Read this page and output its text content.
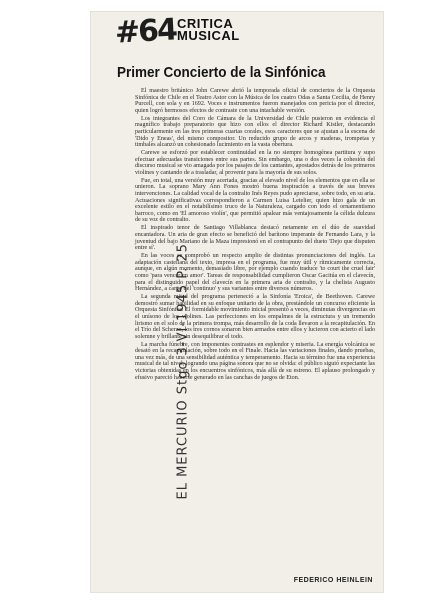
#64 CRITICA
MUSICAL
Primer Concierto de la Sinfónica
EL MERCURIO Stgo 3-VI-1945 P. 25

El maestro británico John Carewe abrió la temporada oficial de conciertos de la Orquesta Sinfónica de Chile en el Teatro Astor con la Música de los cuatro Odas a Santa Cecilia, de Henry Purcell, con sola y en 1692. Voces e instrumentos fueron manejados con pericia por el director, quien logró hermosos efectos de contraste con una intachable versión.

Los integrantes del Coro de Cámara de la Universidad de Chile pusieron en evidencia el magnífico trabajo preparatorio que hizo con ellos el director Richard Kistler, destacando particularmente en las tres primeras cuartas corales, esos caracteres que se ajustan a la escena de 'Dido y Eneas', del mismo compositor. Un reducido grupo de arcos y maderas, trompetas y timbales alcanzó un cohesionado lucimiento en la vasta obertura.

Carewe se esforzó por establecer continuidad en la no siempre homogénea partitura y supo efectuar adecuadas transiciones entre sus partes. Sin embargo, una o dos veces la cohesión del discurso musical se vio amagada por los pasajes de los cantantes, apostados detrás de los primeros violines y cantando de a trasladar, al provenir para la mayoría de sus solos.

Fue, en total, una versión muy acertada, gracias al elevado nivel de los elementos que en ella se unieron. La soprano Mary Ann Fones mostró buena inspiración a través de sus breves intervenciones. La calidad vocal de la contralto Inés Reyes pudo apreciarse, sobre todo, en su aria. Actuaciones significativas correspondieron a Carmen Luisa Letelier, quien hizo gala de un excelente estilo en el notabilísimo truco de la Naturaleza, cargado con todo el ornamentismo barroco, como en 'El amoroso violín', que permitió apalear más ventajosamente la célida dulzura de su voz de contralto.

El inspirado tenor de Santiago Villablanca destacó netamente en el dúo de suavidad encantadora. Un aria de gran efecto se benefició del barítono imperante de Fernando Lara, y la juventud del bajo Mariano de la Maza impresionó en el contrapunto del dueto 'Dejo que disputen entre sí'.

En las voces se comprobó un respecto amplio de distintas pronunciaciones del inglés. La adaptación castellana del texto, impresa en el programa, fue muy útil y rítmicamente correcta, aunque, en algún momento, demasiado libre, por ejemplo cuando traduce 'to court the cruel fair' como 'para vencer en amor'. Tareas de responsabilidad cumplieron Oscar Gacitúa en el clavecín, para el distinguido papel del clavecín en la primera aria de contralto, y la chelista Augusto Hernández, a cargo del 'continuo' y sus variantes entre diversos números.

La segunda mitad del programa perteneció a la Sinfonía 'Eroica', de Beethoven. Carewe demostró sumar habilidad en su enfoque unitario de la obra, prestándole un concurso eficiente la Orquesta Sinfónica. El formidable movimiento inicial presentó a veces, diminutas divergencias en el unísono de los violines. Las perfecciones en los empalmes de la estructura y un tremendo lirismo en el solo de la primera trompa, más desarrollo de la coda llevaron a la recapitulación. En el Trío del Scherzo, los tres cornos sonaron bien armados entre ellos y lucieron con acierto el lado solemne y brillante sin desequilibrar el todo.

La marcha fúnebre, con imponentes contrastes en esplendor y miseria. La energía volcánica se desató en la recapitulación, sobre todo en el Finale. Hacia las variaciones finales, dando pruebas, una vez más, de una sensibilidad auténtica y temperamento. Hacia su término fue una experiencia musical de tal nivel, logrando una página sonora que no se olvida: el público siguió expectante las victorias obtenidas en los encuentros sinfónicos, más allá de su estreno. El aplauso prolongado y efusivo pareció haberse generado en las canchas de juegos de Eton.

FEDERICO HEINLEIN
